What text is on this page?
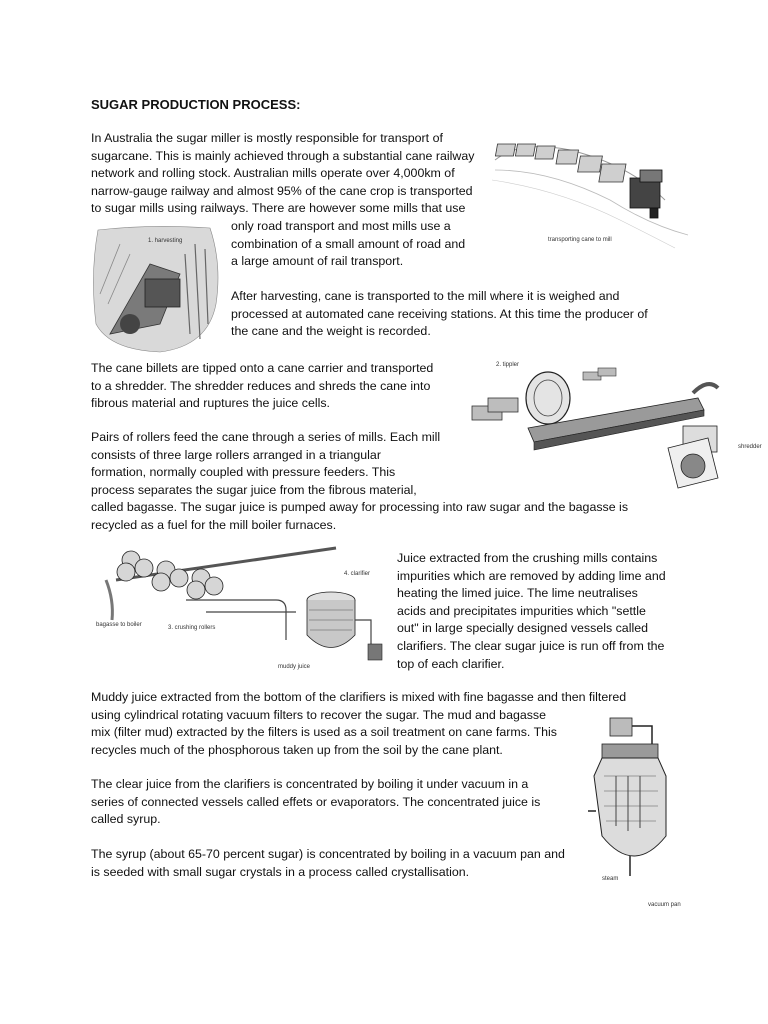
SUGAR PRODUCTION PROCESS:
In Australia the sugar miller is mostly responsible for transport of
sugarcane. This is mainly achieved through a substantial cane railway
network and rolling stock. Australian mills operate over 4,000km of
narrow-gauge railway and almost 95% of the cane crop is transported
to sugar mills using railways. There are however some mills that use
only road transport and most mills use a
combination of a small amount of road and
a large amount of rail transport.
After harvesting, cane is transported to the mill where it is weighed and
processed at automated cane receiving stations. At this time the producer of
the cane and the weight is recorded.
The cane billets are tipped onto a cane carrier and transported
to a shredder. The shredder reduces and shreds the cane into
fibrous material and ruptures the juice cells.
Pairs of rollers feed the cane through a series of mills. Each mill
consists of three large rollers arranged in a triangular
formation, normally coupled with pressure feeders. This
process separates the sugar juice from the fibrous material,
called bagasse. The sugar juice is pumped away for processing into raw sugar and the bagasse is
recycled as a fuel for the mill boiler furnaces.
Juice extracted from the crushing mills contains
impurities which are removed by adding lime and
heating the limed juice. The lime neutralises
acids and precipitates impurities which "settle
out" in large specially designed vessels called
clarifiers. The clear sugar juice is run off from the
top of each clarifier.
Muddy juice extracted from the bottom of the clarifiers is mixed with fine bagasse and then filtered
using cylindrical rotating vacuum filters to recover the sugar. The mud and bagasse
mix (filter mud) extracted by the filters is used as a soil treatment on cane farms. This
recycles much of the phosphorous taken up from the soil by the cane plant.
The clear juice from the clarifiers is concentrated by boiling it under vacuum in a
series of connected vessels called effets or evaporators. The concentrated juice is
called syrup.
The syrup (about 65-70 percent sugar) is concentrated by boiling in a vacuum pan and
is seeded with small sugar crystals in a process called crystallisation.
transporting cane to mill
1. harvesting
2. tippler
shredder
4. clarifier
bagasse to boiler	3. crushing rollers
muddy juice
steam
vacuum pan
